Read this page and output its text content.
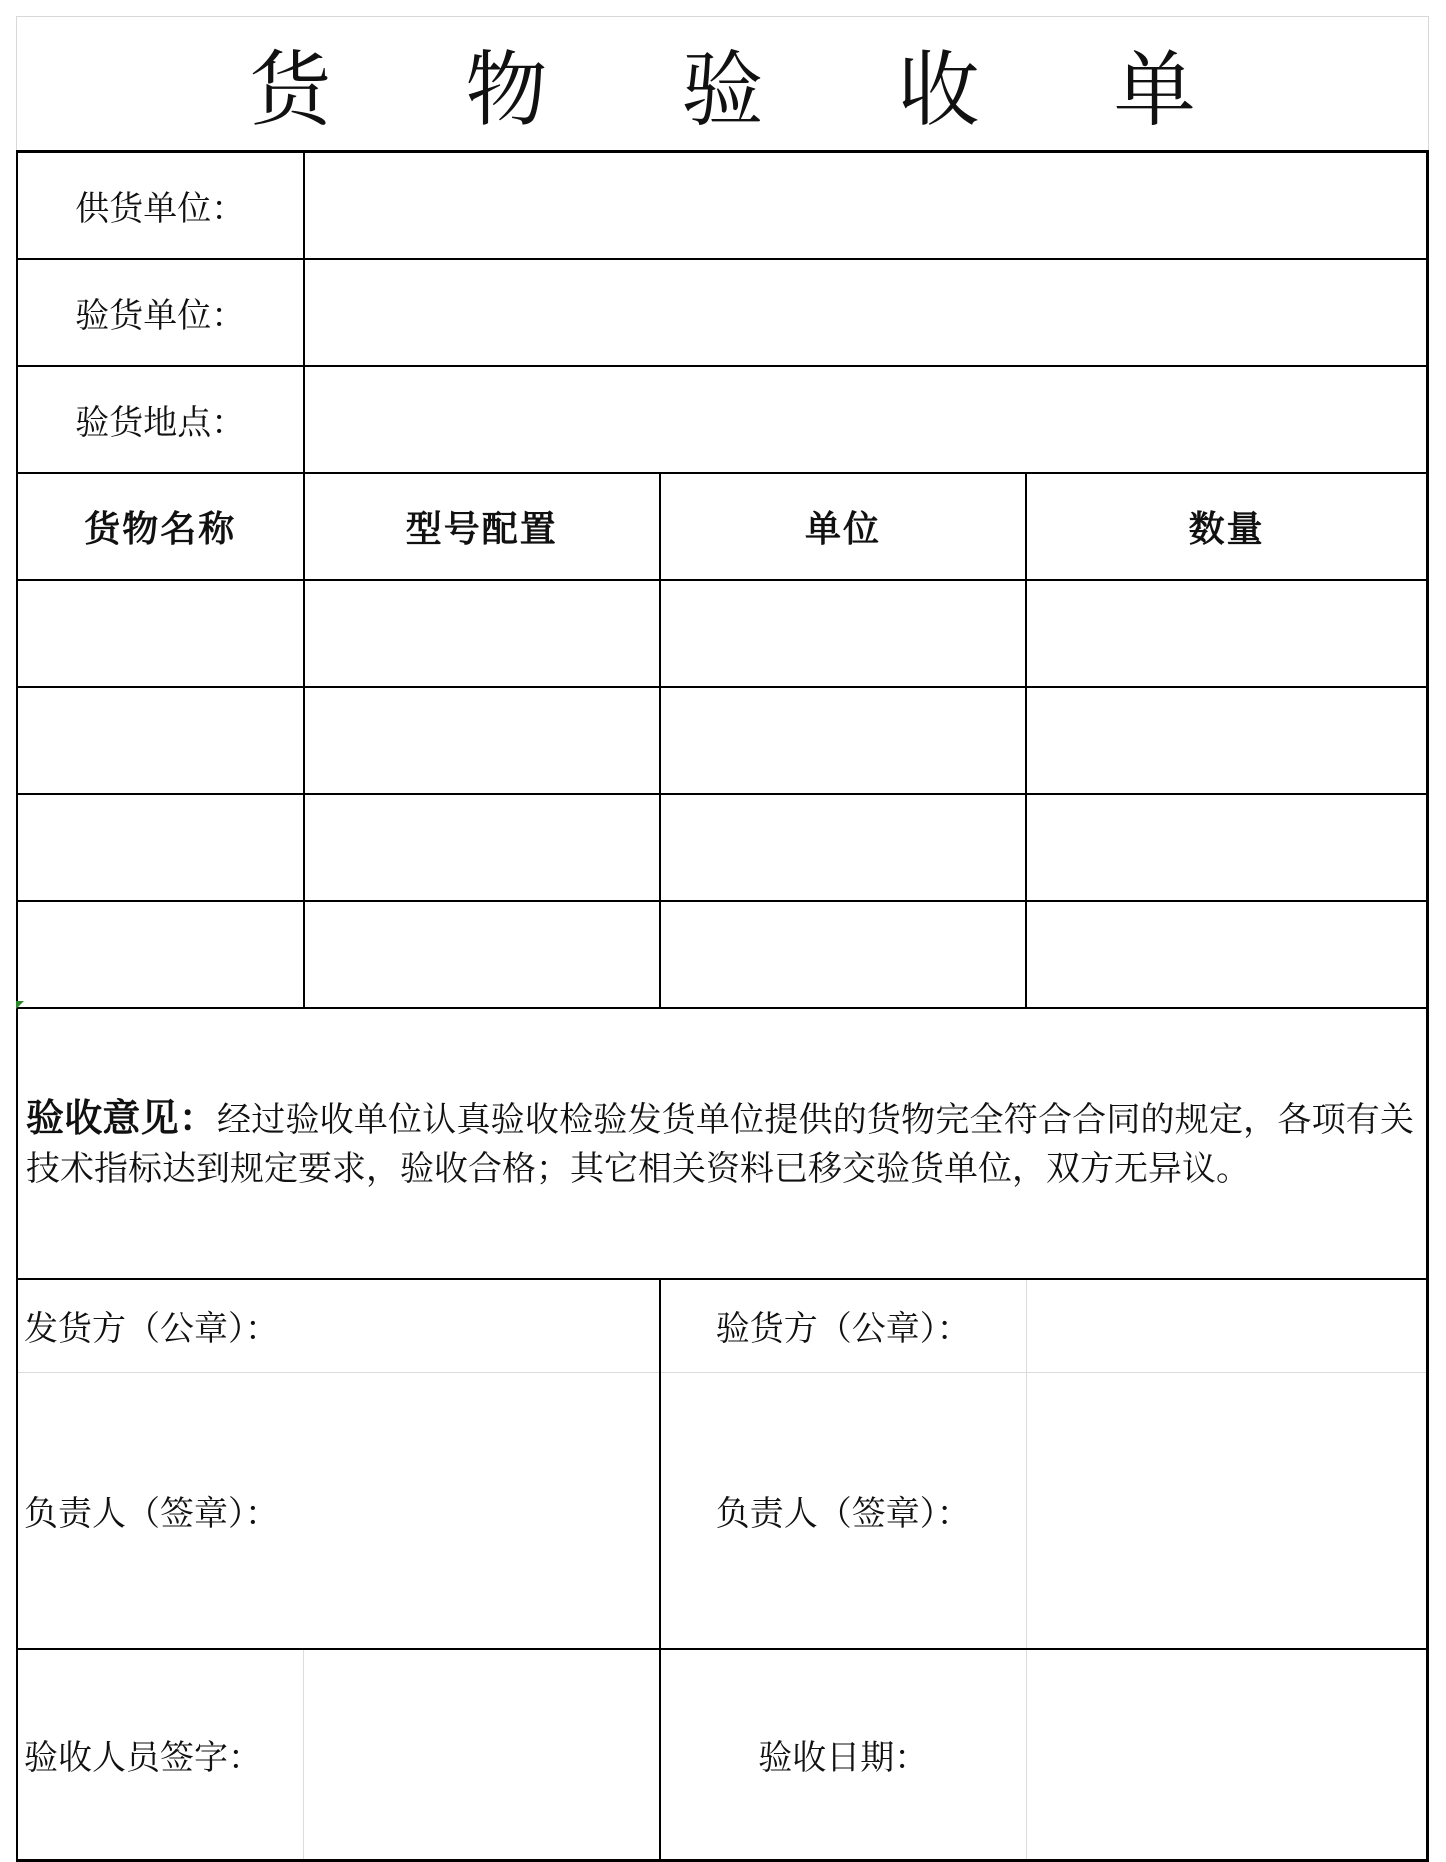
货 物 验 收 单
供货单位：			
验货单位：			
验货地点：			
货物名称	型号配置	单位	数量

验收意见：经过验收单位认真验收检验发货单位提供的货物完全符合合同的规定，各项有关技术指标达到规定要求，验收合格；其它相关资料已移交验货单位，双方无异议。			
发货方（公章）：		验货方（公章）：	
负责人（签章）：		负责人（签章）：	
验收人员签字：		验收日期：	
